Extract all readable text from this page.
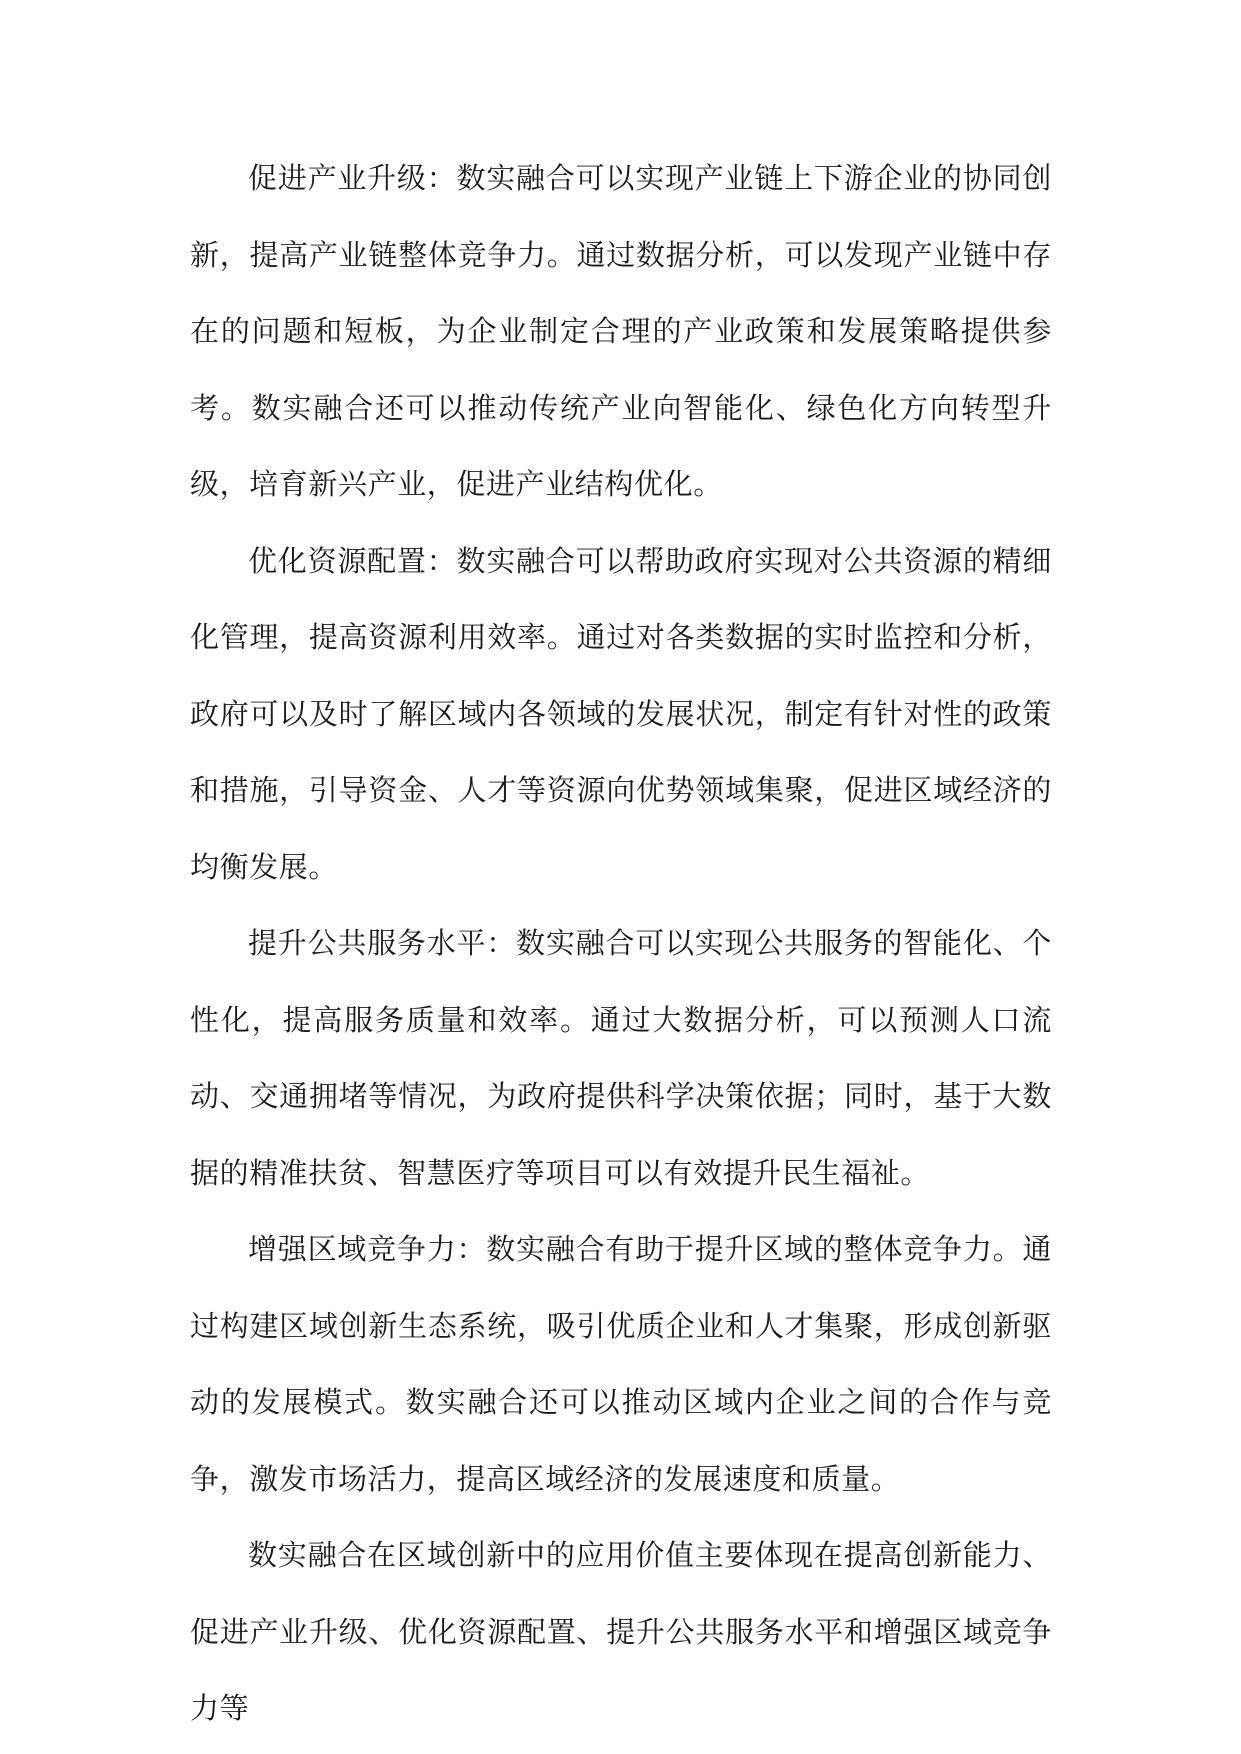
促进产业升级：数实融合可以实现产业链上下游企业的协同创新，提高产业链整体竞争力。通过数据分析，可以发现产业链中存在的问题和短板，为企业制定合理的产业政策和发展策略提供参考。数实融合还可以推动传统产业向智能化、绿色化方向转型升级，培育新兴产业，促进产业结构优化。

优化资源配置：数实融合可以帮助政府实现对公共资源的精细化管理，提高资源利用效率。通过对各类数据的实时监控和分析，政府可以及时了解区域内各领域的发展状况，制定有针对性的政策和措施，引导资金、人才等资源向优势领域集聚，促进区域经济的均衡发展。

提升公共服务水平：数实融合可以实现公共服务的智能化、个性化，提高服务质量和效率。通过大数据分析，可以预测人口流动、交通拥堵等情况，为政府提供科学决策依据；同时，基于大数据的精准扶贫、智慧医疗等项目可以有效提升民生福祉。

增强区域竞争力：数实融合有助于提升区域的整体竞争力。通过构建区域创新生态系统，吸引优质企业和人才集聚，形成创新驱动的发展模式。数实融合还可以推动区域内企业之间的合作与竞争，激发市场活力，提高区域经济的发展速度和质量。

数实融合在区域创新中的应用价值主要体现在提高创新能力、促进产业升级、优化资源配置、提升公共服务水平和增强区域竞争力等
